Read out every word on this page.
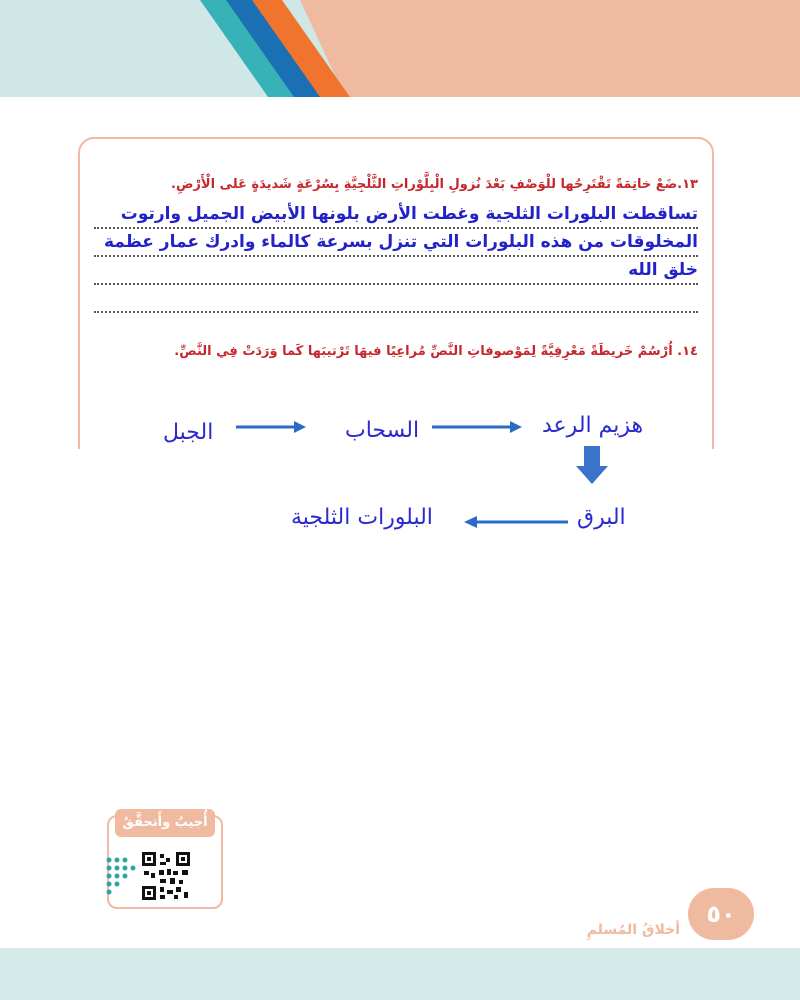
١٣.ضَعْ خاتِمَةً تَقْتَرِحُها للْوَصْفِ بَعْدَ نُزولِ الْبِلَّوْراتِ الثَّلْجِيَّةِ بِسُرْعَةٍ شَديدَةٍ عَلى الْأَرْضِ.
تساقطت البلورات الثلجية وغطت الأرض بلونها الأبيض الجميل وارتوت
المخلوقات من هذه البلورات التي تنزل بسرعة كالماء وادرك عمار عظمة
خلق الله
١٤. اُرْسُمْ خَريطَةً مَعْرِفِيَّةً لِمَوْصوفاتِ النَّصِّ مُراعِيًا فيهَا تَرْتيبَها كَما وَرَدَتْ فِي النَّصِّ.
الجبل	السحاب	هزيم الرعد
البرق
البلورات الثلجية
أُجيبُ وأَتحقَّقُ
٥٠
أخلاقُ المُسلمِ
